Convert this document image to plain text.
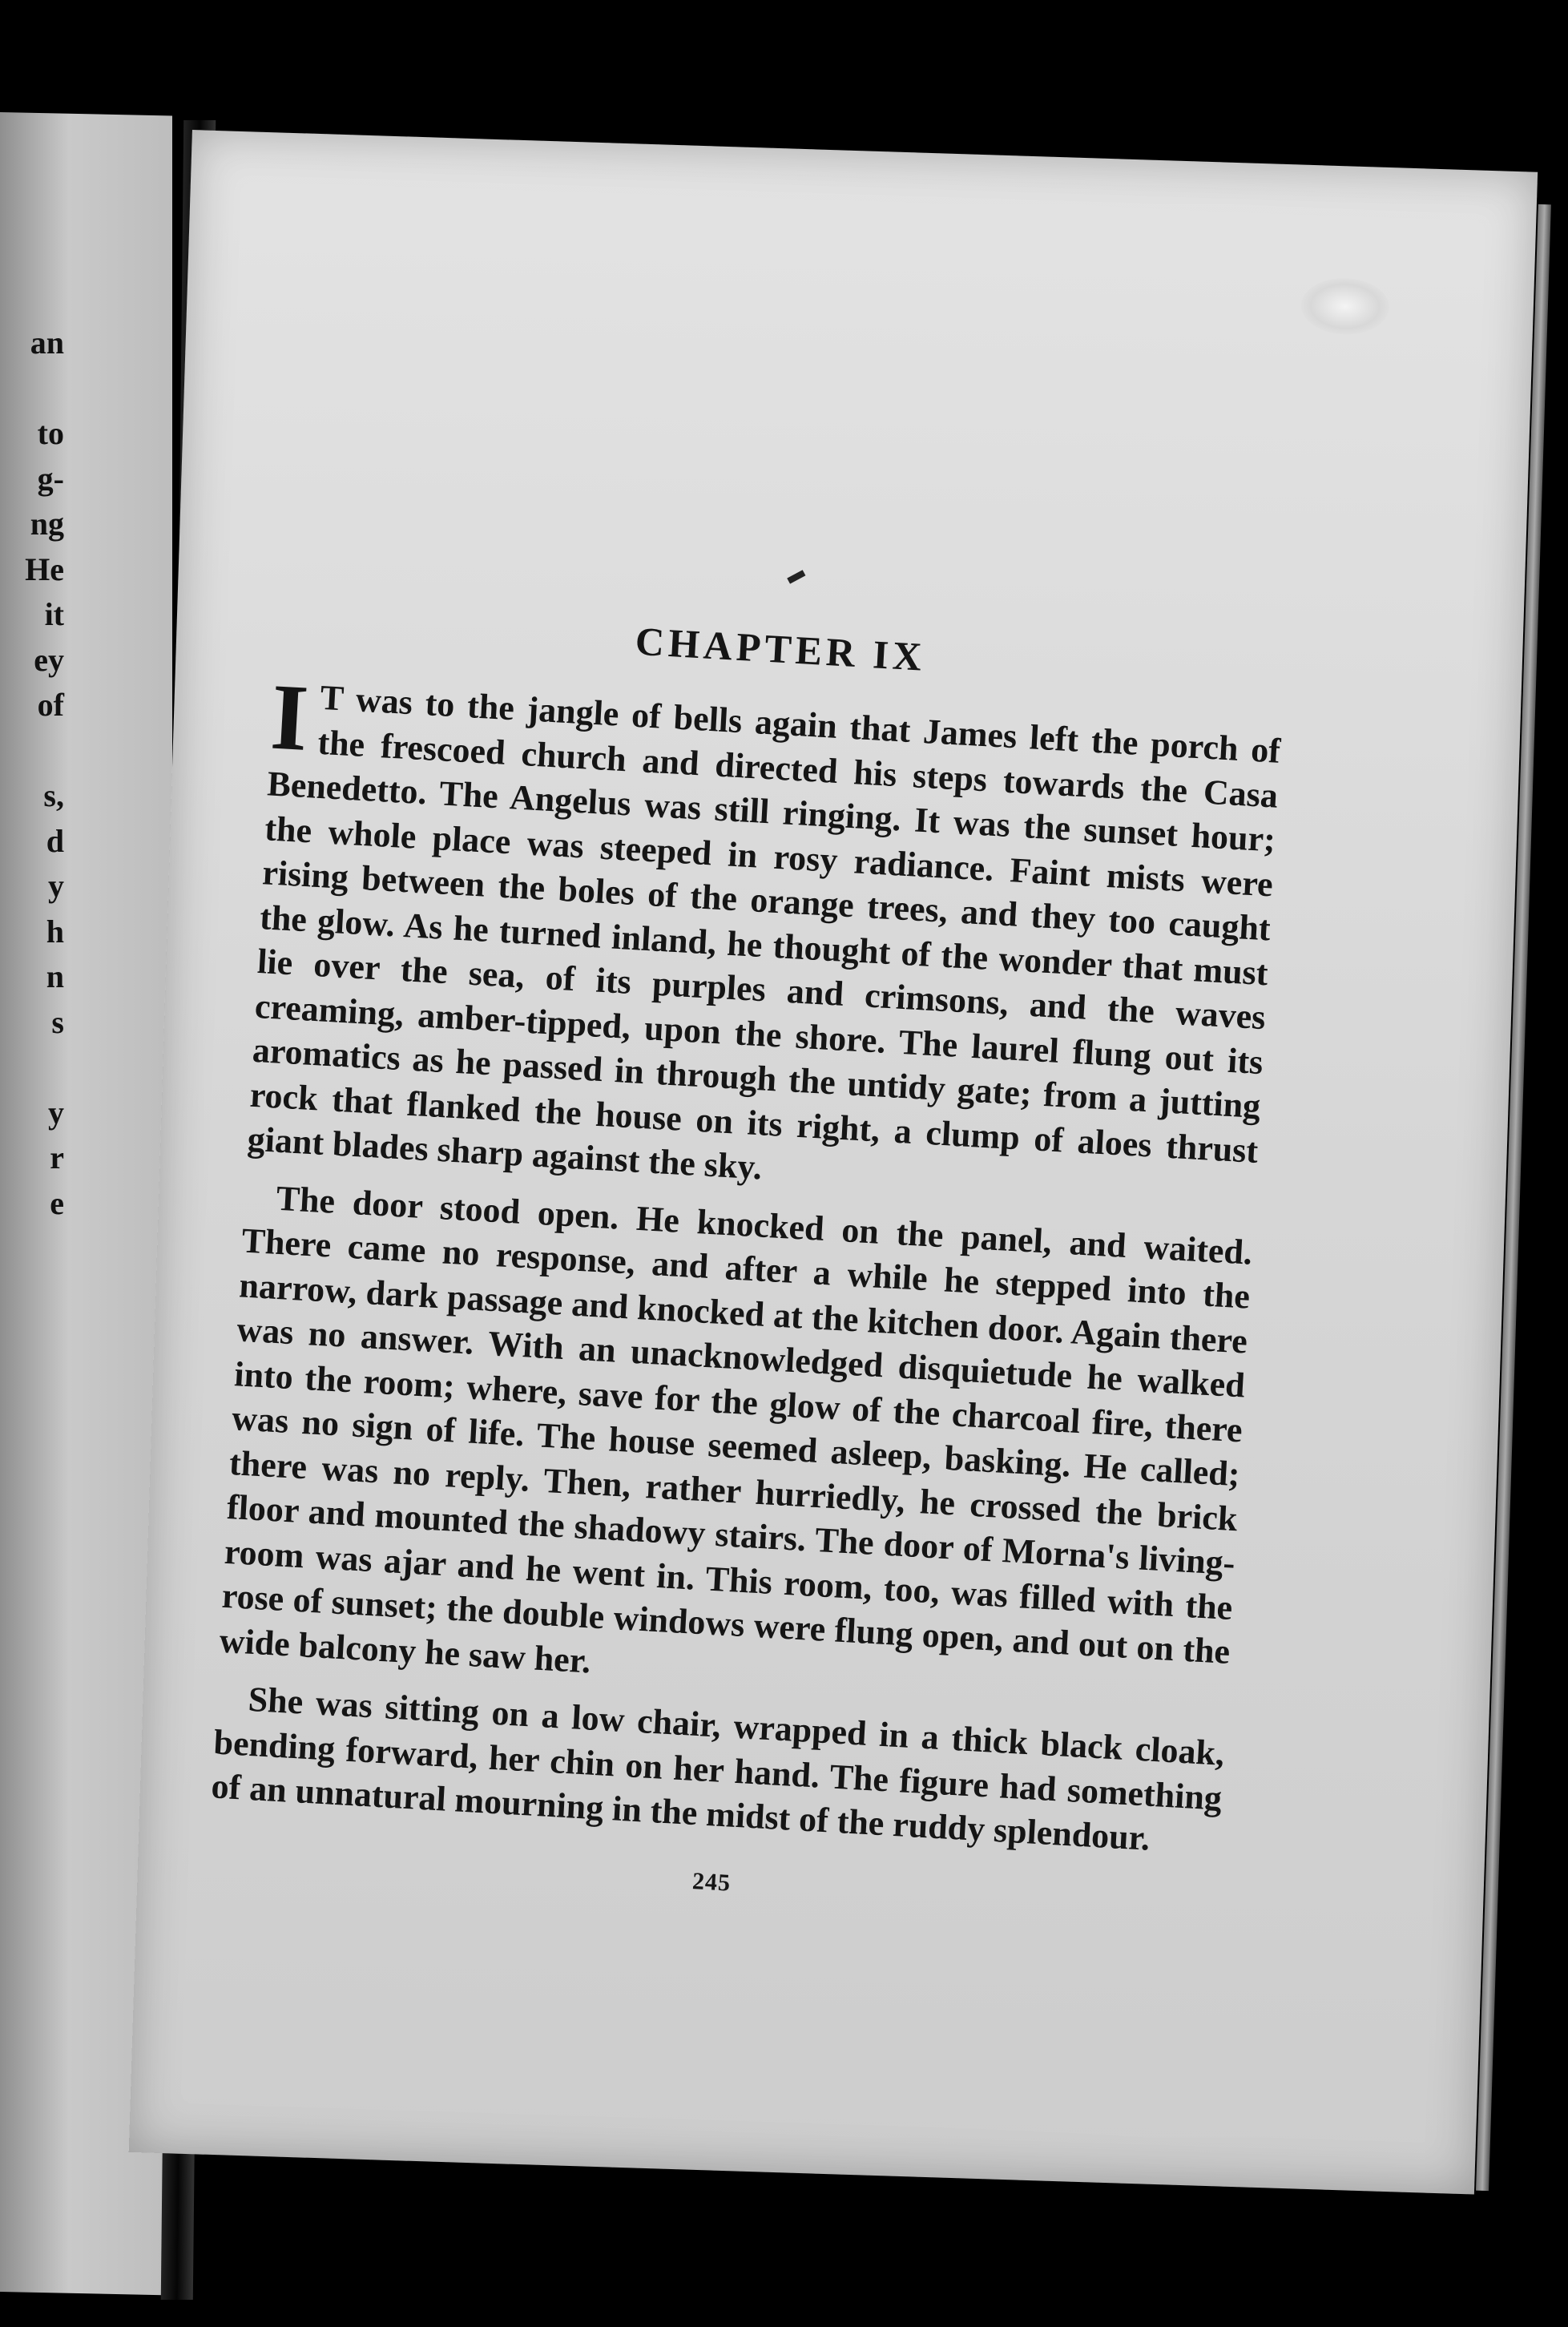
an
to
g-
ng
He
it
ey
of
s,
d
y
h
n
s
y
r
e
CHAPTER IX

I T was to the jangle of bells again that James left the porch of the frescoed church and directed his steps towards the Casa Benedetto. The Angelus was still ringing. It was the sunset hour; the whole place was steeped in rosy radiance. Faint mists were rising between the boles of the orange trees, and they too caught the glow. As he turned inland, he thought of the wonder that must lie over the sea, of its purples and crimsons, and the waves creaming, amber-tipped, upon the shore. The laurel flung out its aromatics as he passed in through the untidy gate; from a jutting rock that flanked the house on its right, a clump of aloes thrust giant blades sharp against the sky.

The door stood open. He knocked on the panel, and waited. There came no response, and after a while he stepped into the narrow, dark passage and knocked at the kitchen door. Again there was no answer. With an unacknowledged disquietude he walked into the room; where, save for the glow of the charcoal fire, there was no sign of life. The house seemed asleep, basking. He called; there was no reply. Then, rather hurriedly, he crossed the brick floor and mounted the shadowy stairs. The door of Morna's living-room was ajar and he went in. This room, too, was filled with the rose of sunset; the double windows were flung open, and out on the wide balcony he saw her.

She was sitting on a low chair, wrapped in a thick black cloak, bending forward, her chin on her hand. The figure had something of an unnatural mourning in the midst of the ruddy splendour.

245
